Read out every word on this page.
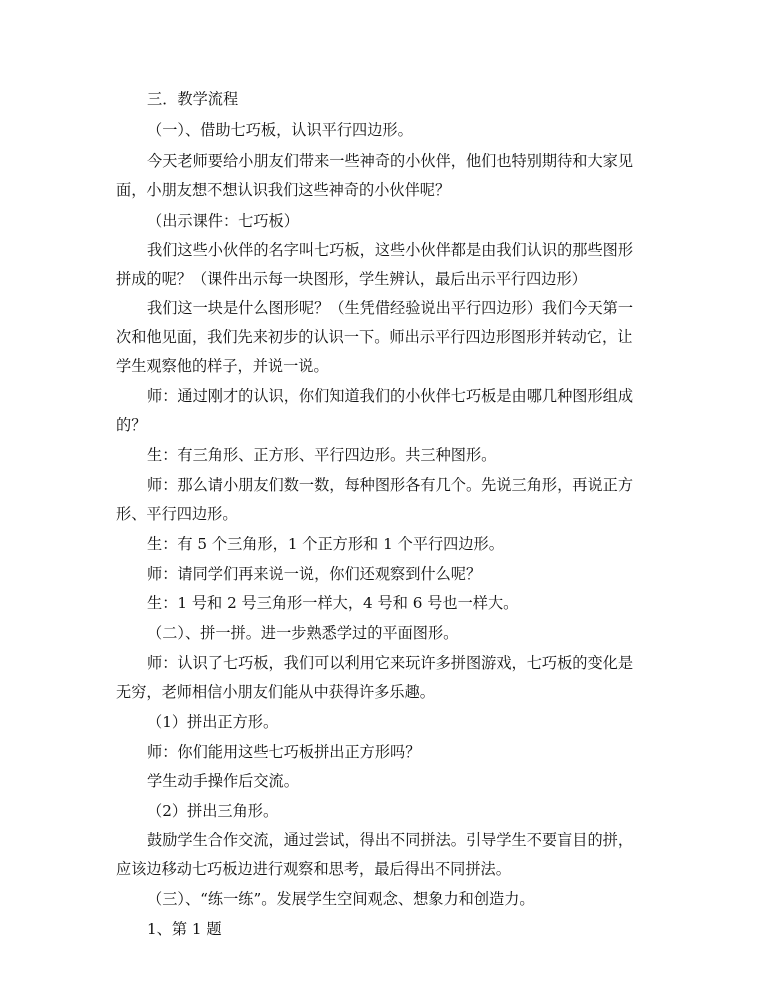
三．教学流程
（一）、借助七巧板，认识平行四边形。
今天老师要给小朋友们带来一些神奇的小伙伴，他们也特别期待和大家见
面，小朋友想不想认识我们这些神奇的小伙伴呢？
（出示课件：七巧板）
我们这些小伙伴的名字叫七巧板，这些小伙伴都是由我们认识的那些图形
拼成的呢？（课件出示每一块图形，学生辨认，最后出示平行四边形）
我们这一块是什么图形呢？（生凭借经验说出平行四边形）我们今天第一
次和他见面，我们先来初步的认识一下。师出示平行四边形图形并转动它，让
学生观察他的样子，并说一说。
师：通过刚才的认识，你们知道我们的小伙伴七巧板是由哪几种图形组成
的？
生：有三角形、正方形、平行四边形。共三种图形。
师：那么请小朋友们数一数，每种图形各有几个。先说三角形，再说正方
形、平行四边形。
生：有 5 个三角形，1 个正方形和 1 个平行四边形。
师：请同学们再来说一说，你们还观察到什么呢？
生：1 号和 2 号三角形一样大，4 号和 6 号也一样大。
（二）、拼一拼。进一步熟悉学过的平面图形。
师：认识了七巧板，我们可以利用它来玩许多拼图游戏，七巧板的变化是
无穷，老师相信小朋友们能从中获得许多乐趣。
（1）拼出正方形。
师：你们能用这些七巧板拼出正方形吗？
学生动手操作后交流。
（2）拼出三角形。
鼓励学生合作交流，通过尝试，得出不同拼法。引导学生不要盲目的拼，
应该边移动七巧板边进行观察和思考，最后得出不同拼法。
（三）、“练一练”。发展学生空间观念、想象力和创造力。
1、第 1 题
